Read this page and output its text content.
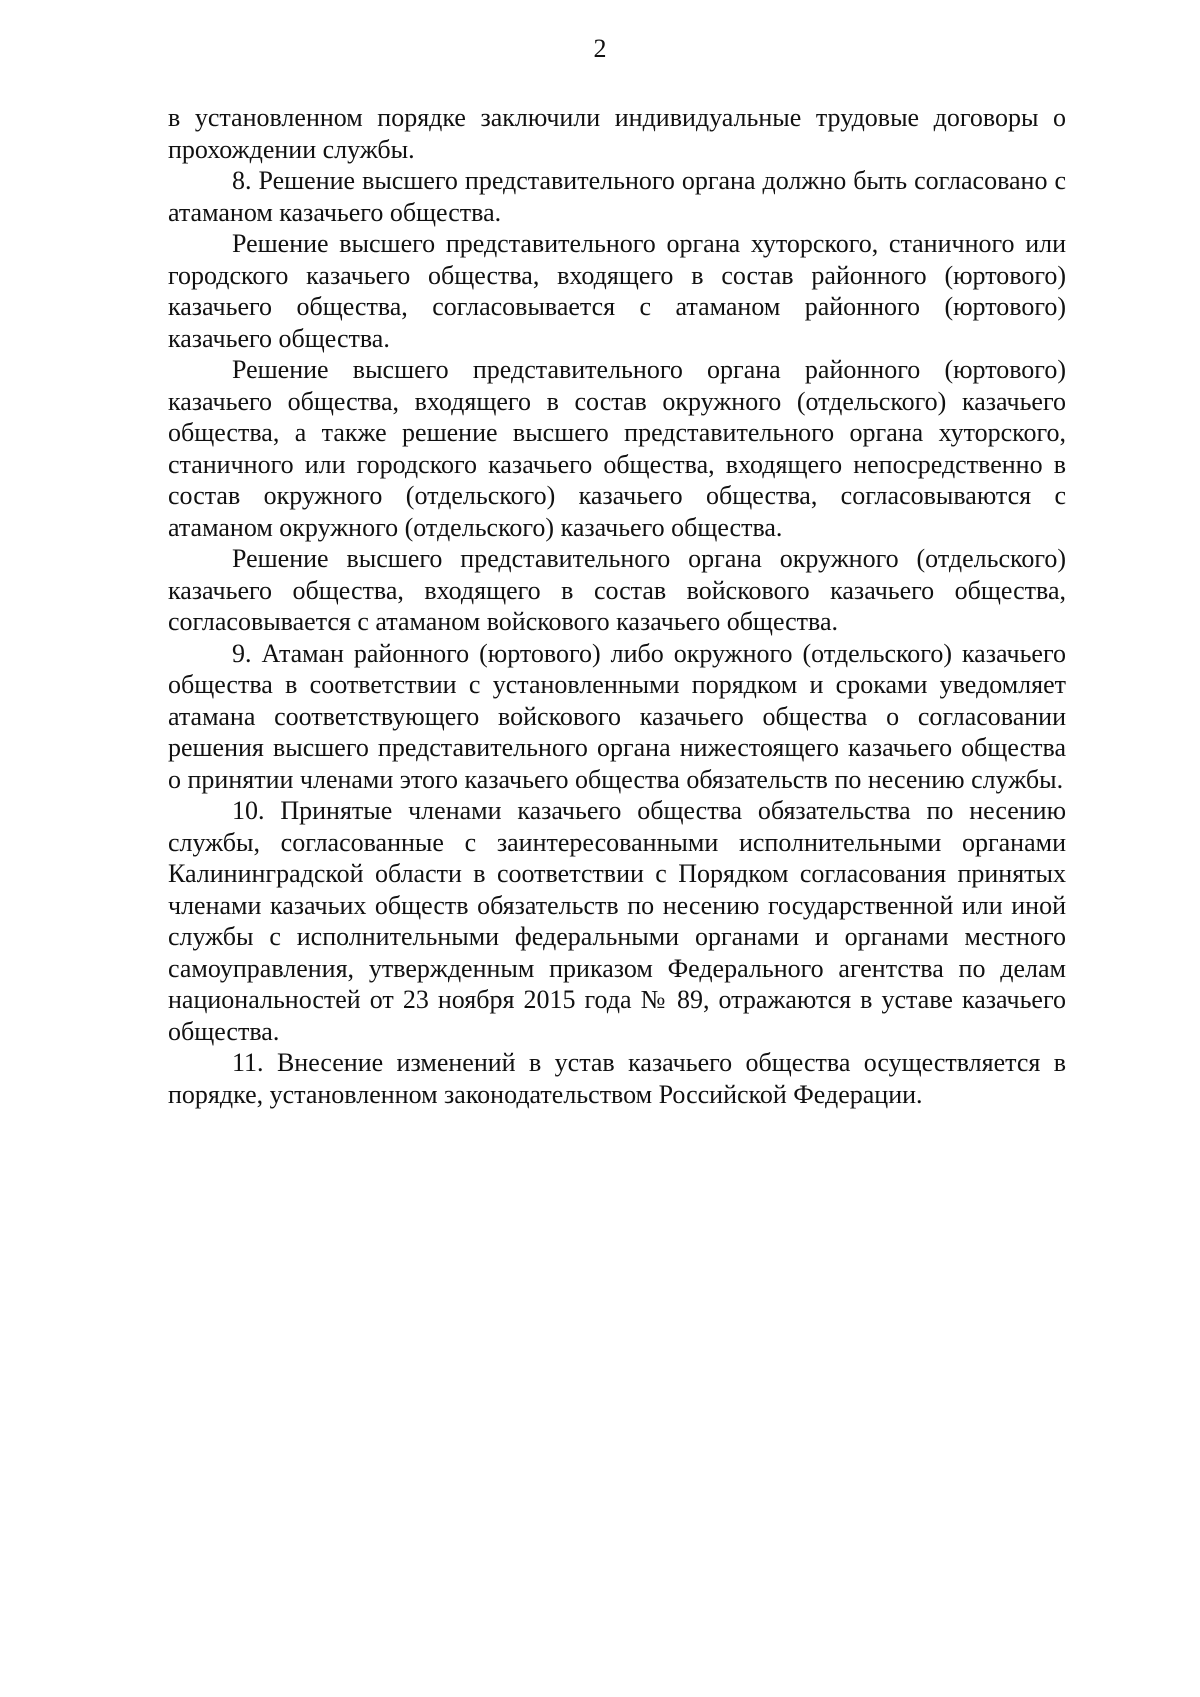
2

в установленном порядке заключили индивидуальные трудовые договоры о прохождении службы.

8. Решение высшего представительного органа должно быть согласовано с атаманом казачьего общества.

Решение высшего представительного органа хуторского, станичного или городского казачьего общества, входящего в состав районного (юртового) казачьего общества, согласовывается с атаманом районного (юртового) казачьего общества.

Решение высшего представительного органа районного (юртового) казачьего общества, входящего в состав окружного (отдельского) казачьего общества, а также решение высшего представительного органа хуторского, станичного или городского казачьего общества, входящего непосредственно в состав окружного (отдельского) казачьего общества, согласовываются с атаманом окружного (отдельского) казачьего общества.

Решение высшего представительного органа окружного (отдельского) казачьего общества, входящего в состав войскового казачьего общества, согласовывается с атаманом войскового казачьего общества.

9. Атаман районного (юртового) либо окружного (отдельского) казачьего общества в соответствии с установленными порядком и сроками уведомляет атамана соответствующего войскового казачьего общества о согласовании решения высшего представительного органа нижестоящего казачьего общества о принятии членами этого казачьего общества обязательств по несению службы.

10. Принятые членами казачьего общества обязательства по несению службы, согласованные с заинтересованными исполнительными органами Калининградской области в соответствии с Порядком согласования принятых членами казачьих обществ обязательств по несению государственной или иной службы с исполнительными федеральными органами и органами местного самоуправления, утвержденным приказом Федерального агентства по делам национальностей от 23 ноября 2015 года № 89, отражаются в уставе казачьего общества.

11. Внесение изменений в устав казачьего общества осуществляется в порядке, установленном законодательством Российской Федерации.
